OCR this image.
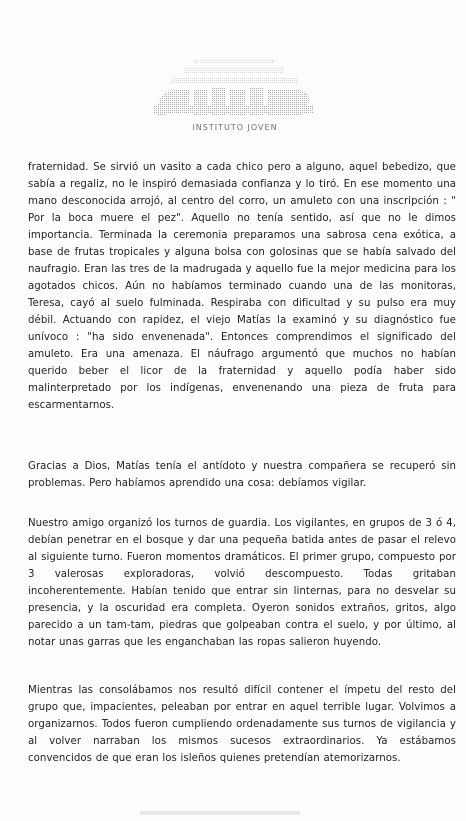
INSTITUTO JOVEN

fraternidad. Se sirvió un vasito a cada chico pero a alguno, aquel bebedizo, que sabía a regaliz, no le inspiró demasiada confianza y lo tiró. En ese momento una mano desconocida arrojó, al centro del corro, un amuleto con una inscripción : " Por la boca muere el pez". Aquello no tenía sentido, así que no le dimos importancia. Terminada la ceremonia preparamos una sabrosa cena exótica, a base de frutas tropicales y alguna bolsa con golosinas que se había salvado del naufragio. Eran las tres de la madrugada y aquello fue la mejor medicina para los agotados chicos. Aún no habíamos terminado cuando una de las monitoras, Teresa, cayó al suelo fulminada. Respiraba con dificultad y su pulso era muy débil. Actuando con rapidez, el viejo Matías la examinó y su diagnóstico fue unívoco : "ha sido envenenada". Entonces comprendimos el significado del amuleto. Era una amenaza. El náufrago argumentó que muchos no habían querido beber el licor de la fraternidad y aquello podía haber sido malinterpretado por los indígenas, envenenando una pieza de fruta para escarmentarnos.

Gracias a Dios, Matías tenía el antídoto y nuestra compañera se recuperó sin problemas. Pero habíamos aprendido una cosa: debíamos vigilar.

Nuestro amigo organizó los turnos de guardia. Los vigilantes, en grupos de 3 ó 4, debían penetrar en el bosque y dar una pequeña batida antes de pasar el relevo al siguiente turno. Fueron momentos dramáticos. El primer grupo, compuesto por 3 valerosas exploradoras, volvió descompuesto. Todas gritaban incoherentemente. Habían tenido que entrar sin linternas, para no desvelar su presencia, y la oscuridad era completa. Oyeron sonidos extraños, gritos, algo parecido a un tam-tam, piedras que golpeaban contra el suelo, y por último, al notar unas garras que les enganchaban las ropas salieron huyendo.

Mientras las consolábamos nos resultó difícil contener el ímpetu del resto del grupo que, impacientes, peleaban por entrar en aquel terrible lugar. Volvimos a organizarnos. Todos fueron cumpliendo ordenadamente sus turnos de vigilancia y al volver narraban los mismos sucesos extraordinarios. Ya estábamos convencidos de que eran los isleños quienes pretendían atemorizarnos.
